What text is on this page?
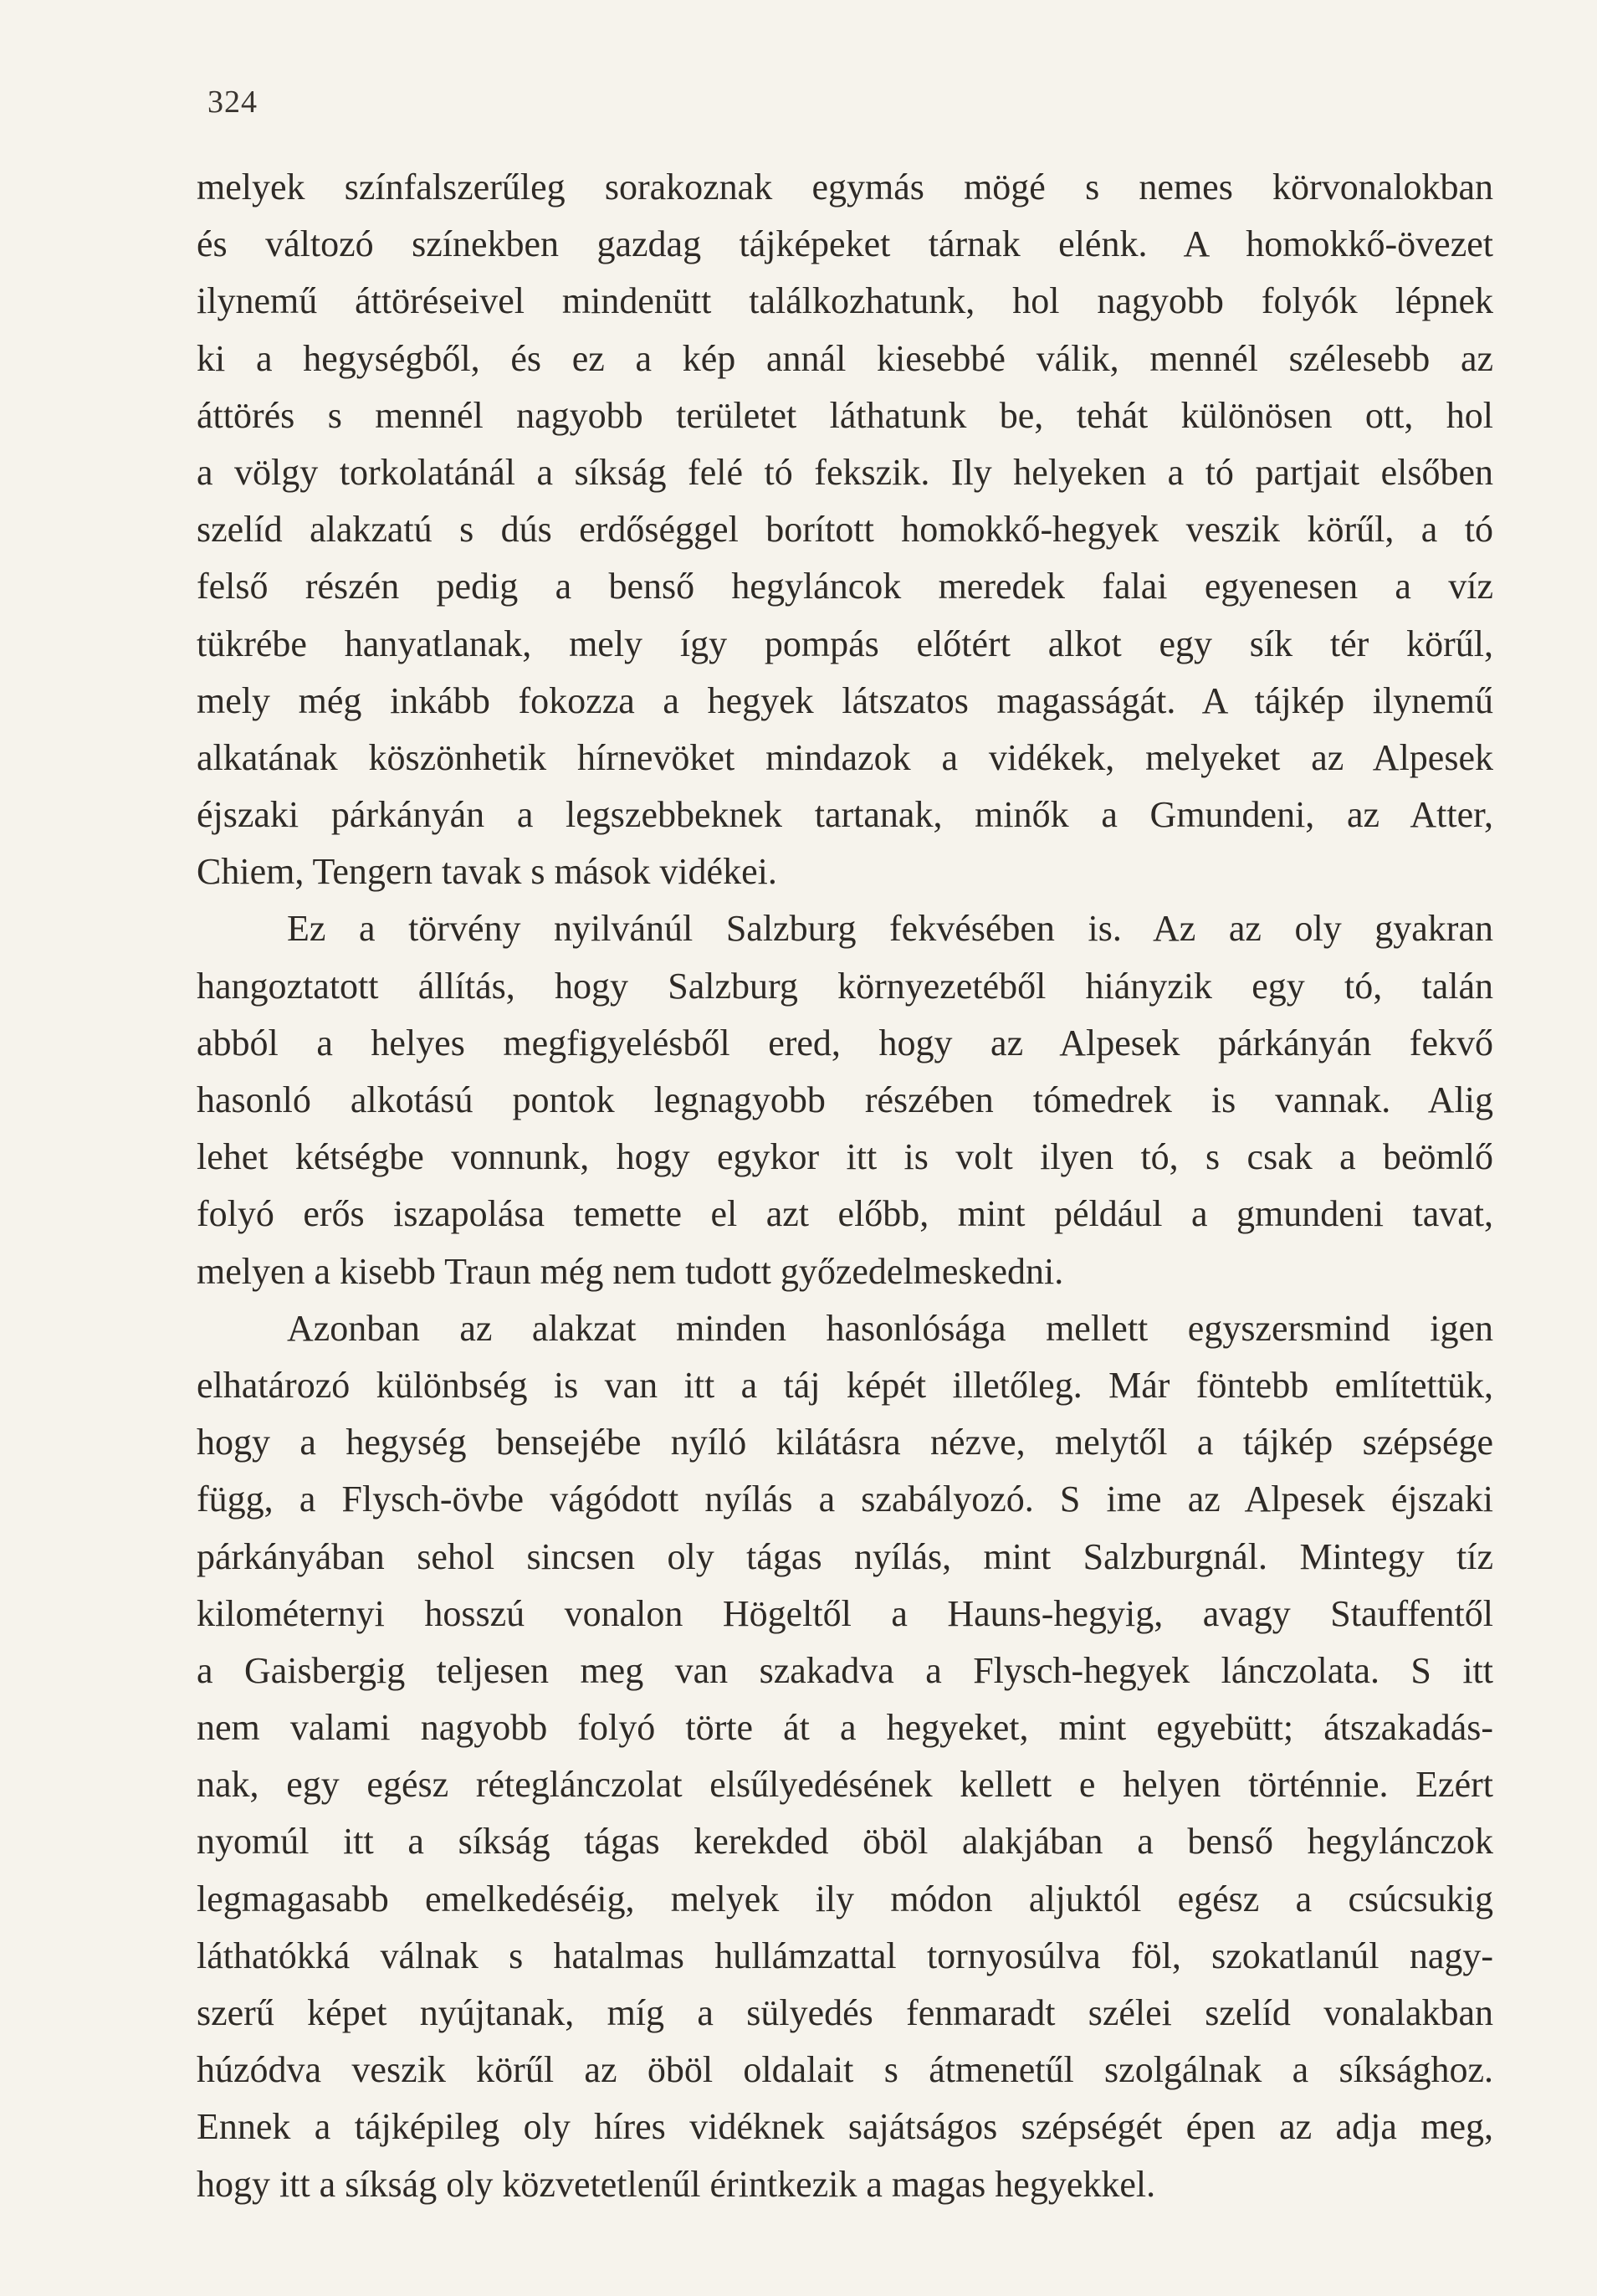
324
melyek színfalszerűleg sorakoznak egymás mögé s nemes körvonalokban
és változó színekben gazdag tájképeket tárnak elénk. A homokkő-övezet
ilynemű áttöréseivel mindenütt találkozhatunk, hol nagyobb folyók lépnek
ki a hegységből, és ez a kép annál kiesebbé válik, mennél szélesebb az
áttörés s mennél nagyobb területet láthatunk be, tehát különösen ott, hol
a völgy torkolatánál a síkság felé tó fekszik. Ily helyeken a tó partjait elsőben
szelíd alakzatú s dús erdőséggel borított homokkő-hegyek veszik körűl, a tó
felső részén pedig a benső hegyláncok meredek falai egyenesen a víz
tükrébe hanyatlanak, mely így pompás előtért alkot egy sík tér körűl,
mely még inkább fokozza a hegyek látszatos magasságát. A tájkép ilynemű
alkatának köszönhetik hírnevöket mindazok a vidékek, melyeket az Alpesek
éjszaki párkányán a legszebbeknek tartanak, minők a Gmundeni, az Atter,
Chiem, Tengern tavak s mások vidékei.
Ez a törvény nyilvánúl Salzburg fekvésében is. Az az oly gyakran
hangoztatott állítás, hogy Salzburg környezetéből hiányzik egy tó, talán
abból a helyes megfigyelésből ered, hogy az Alpesek párkányán fekvő
hasonló alkotású pontok legnagyobb részében tómedrek is vannak. Alig
lehet kétségbe vonnunk, hogy egykor itt is volt ilyen tó, s csak a beömlő
folyó erős iszapolása temette el azt előbb, mint például a gmundeni tavat,
melyen a kisebb Traun még nem tudott győzedelmeskedni.
Azonban az alakzat minden hasonlósága mellett egyszersmind igen
elhatározó különbség is van itt a táj képét illetőleg. Már föntebb említettük,
hogy a hegység bensejébe nyíló kilátásra nézve, melytől a tájkép szépsége
függ, a Flysch-övbe vágódott nyílás a szabályozó. S ime az Alpesek éjszaki
párkányában sehol sincsen oly tágas nyílás, mint Salzburgnál. Mintegy tíz
kilométernyi hosszú vonalon Högeltől a Hauns-hegyig, avagy Stauffentől
a Gaisbergig teljesen meg van szakadva a Flysch-hegyek lánczolata. S itt
nem valami nagyobb folyó törte át a hegyeket, mint egyebütt; átszakadás-
nak, egy egész réteglánczolat elsűlyedésének kellett e helyen történnie. Ezért
nyomúl itt a síkság tágas kerekded öböl alakjában a benső hegylánczok
legmagasabb emelkedéséig, melyek ily módon aljuktól egész a csúcsukig
láthatókká válnak s hatalmas hullámzattal tornyosúlva föl, szokatlanúl nagy-
szerű képet nyújtanak, míg a sülyedés fenmaradt szélei szelíd vonalakban
húzódva veszik körűl az öböl oldalait s átmenetűl szolgálnak a síksághoz.
Ennek a tájképileg oly híres vidéknek sajátságos szépségét épen az adja meg,
hogy itt a síkság oly közvetetlenűl érintkezik a magas hegyekkel.
